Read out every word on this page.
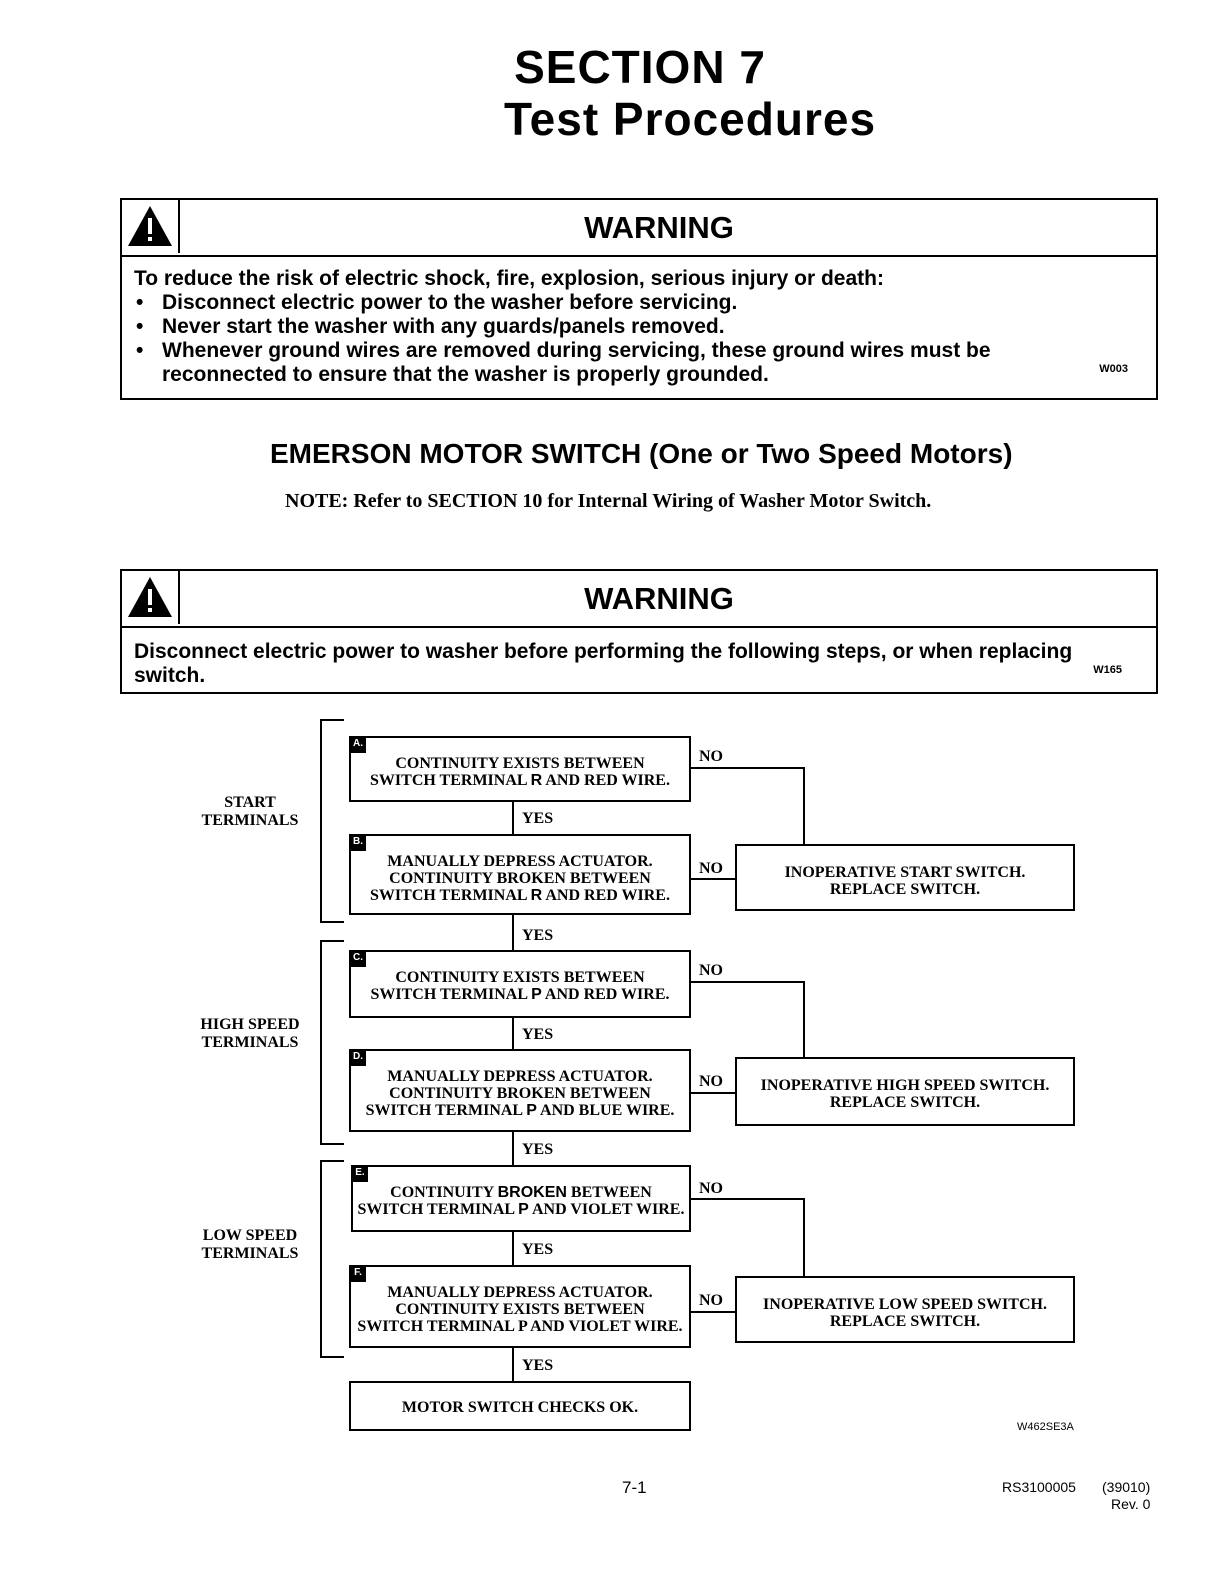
SECTION 7
Test Procedures
WARNING
To reduce the risk of electric shock, fire, explosion, serious injury or death:
• Disconnect electric power to the washer before servicing.
• Never start the washer with any guards/panels removed.
• Whenever ground wires are removed during servicing, these ground wires must be reconnected to ensure that the washer is properly grounded.	W003
EMERSON MOTOR SWITCH (One or Two Speed Motors)
NOTE: Refer to SECTION 10 for Internal Wiring of Washer Motor Switch.
WARNING
Disconnect electric power to washer before performing the following steps, or when replacing switch.	W165
START
TERMINALS
HIGH SPEED
TERMINALS
LOW SPEED
TERMINALS
A.
CONTINUITY EXISTS BETWEEN
SWITCH TERMINAL R AND RED WIRE.
YES
NO
B.
MANUALLY DEPRESS ACTUATOR.
CONTINUITY BROKEN BETWEEN
SWITCH TERMINAL R AND RED WIRE.
NO
YES
INOPERATIVE START SWITCH.
REPLACE SWITCH.
C.
CONTINUITY EXISTS BETWEEN
SWITCH TERMINAL P AND RED WIRE.
NO
YES
D.
MANUALLY DEPRESS ACTUATOR.
CONTINUITY BROKEN BETWEEN
SWITCH TERMINAL P AND BLUE WIRE.
NO
YES
INOPERATIVE HIGH SPEED SWITCH.
REPLACE SWITCH.
E.
CONTINUITY BROKEN BETWEEN
SWITCH TERMINAL P AND VIOLET WIRE.
NO
YES
F.
MANUALLY DEPRESS ACTUATOR.
CONTINUITY EXISTS BETWEEN
SWITCH TERMINAL P AND VIOLET WIRE.
NO
YES
INOPERATIVE LOW SPEED SWITCH.
REPLACE SWITCH.
MOTOR SWITCH CHECKS OK.
W462SE3A
7-1	RS3100005 (39010)
Rev. 0
